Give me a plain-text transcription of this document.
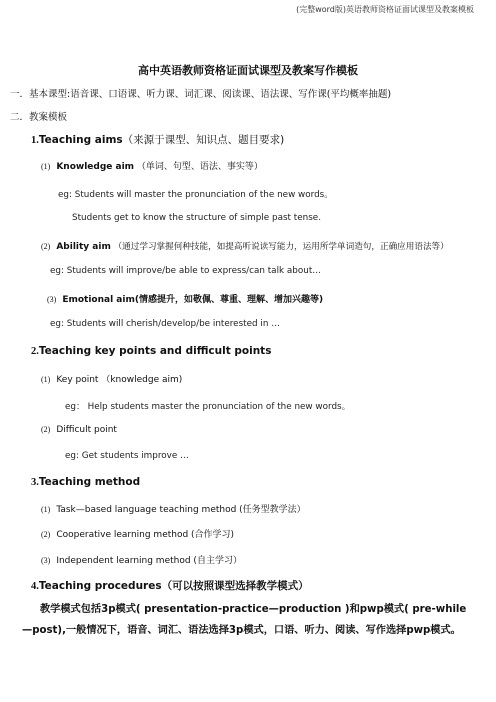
(完整word版)英语教师资格证面试课型及教案模板
高中英语教师资格证面试课型及教案写作模板
一．基本课型:语音课、口语课、听力课、词汇课、阅读课、语法课、写作课(平均概率抽题)
二．教案模板
1.Teaching aims（来源于课型、知识点、题目要求)
(1) Knowledge aim （单词、句型、语法、事实等）
eg: Students will master the pronunciation of the new words。
Students get to know the structure of simple past tense.
(2) Ability aim （通过学习掌握何种技能，如提高听说读写能力，运用所学单词造句，正确应用语法等）
eg: Students will improve/be able to express/can talk about…
(3) Emotional aim(情感提升，如敬佩、尊重、理解、增加兴趣等)
eg: Students will cherish/develop/be interested in …
2.Teaching key points and difficult points
(1) Key point （knowledge aim)
eg： Help students master the pronunciation of the new words。
(2) Difficult point
eg: Get students improve …
3.Teaching method
(1) Task—based language teaching method (任务型教学法）
(2) Cooperative learning method (合作学习)
(3) Independent learning method (自主学习）
4.Teaching procedures（可以按照课型选择教学模式）
教学模式包括3p模式( presentation-practice—production )和pwp模式( pre-while—post),一般情况下，语音、词汇、语法选择3p模式，口语、听力、阅读、写作选择pwp模式。
